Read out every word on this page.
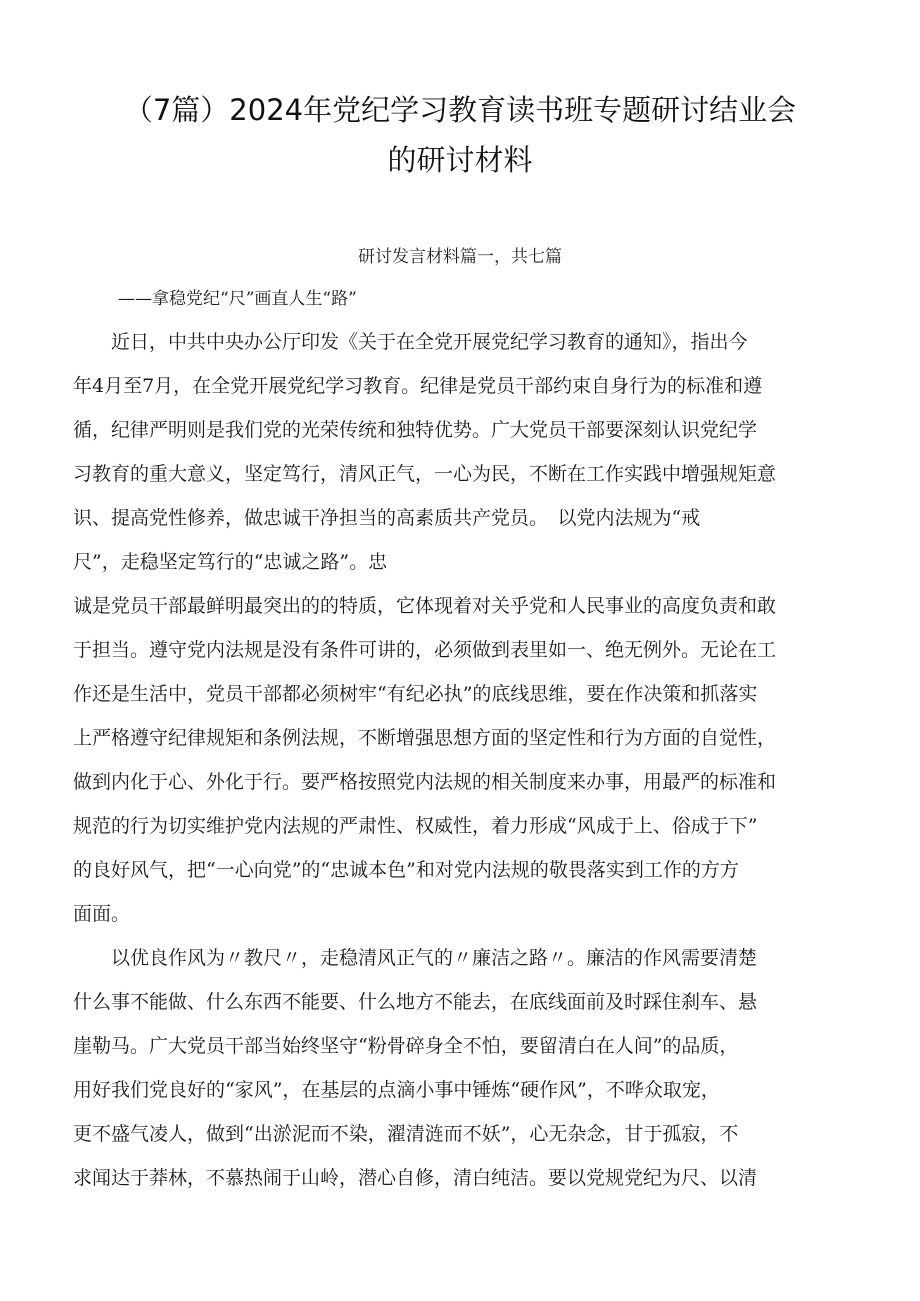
（7篇）2024年党纪学习教育读书班专题研讨结业会
的研讨材料
研讨发言材料篇一，共七篇
——拿稳党纪“尺”画直人生“路”
　　近日，中共中央办公厅印发《关于在全党开展党纪学习教育的通知》，指出今
年4月至7月，在全党开展党纪学习教育。纪律是党员干部约束自身行为的标准和遵
循，纪律严明则是我们党的光荣传统和独特优势。广大党员干部要深刻认识党纪学
习教育的重大意义，坚定笃行，清风正气，一心为民，不断在工作实践中增强规矩意
识、提高党性修养，做忠诚干净担当的高素质共产党员。　以党内法规为“戒
尺”，走稳坚定笃行的“忠诚之路”。忠
诚是党员干部最鲜明最突出的的特质，它体现着对关乎党和人民事业的高度负责和敢
于担当。遵守党内法规是没有条件可讲的，必须做到表里如一、绝无例外。无论在工
作还是生活中，党员干部都必须树牢“有纪必执”的底线思维，要在作决策和抓落实
上严格遵守纪律规矩和条例法规，不断增强思想方面的坚定性和行为方面的自觉性，
做到内化于心、外化于行。要严格按照党内法规的相关制度来办事，用最严的标准和
规范的行为切实维护党内法规的严肃性、权威性，着力形成“风成于上、俗成于下”
的良好风气，把“一心向党”的“忠诚本色”和对党内法规的敬畏落实到工作的方方
面面。
　　以优良作风为〃教尺〃，走稳清风正气的〃廉洁之路〃。廉洁的作风需要清楚
什么事不能做、什么东西不能要、什么地方不能去，在底线面前及时踩住刹车、悬
崖勒马。广大党员干部当始终坚守“粉骨碎身全不怕，要留清白在人间”的品质，
用好我们党良好的“家风”，在基层的点滴小事中锤炼“硬作风”，不哗众取宠，
更不盛气凌人，做到“出淤泥而不染，濯清涟而不妖”，心无杂念，甘于孤寂，不
求闻达于莽林，不慕热闹于山岭，潜心自修，清白纯洁。要以党规党纪为尺、以清
